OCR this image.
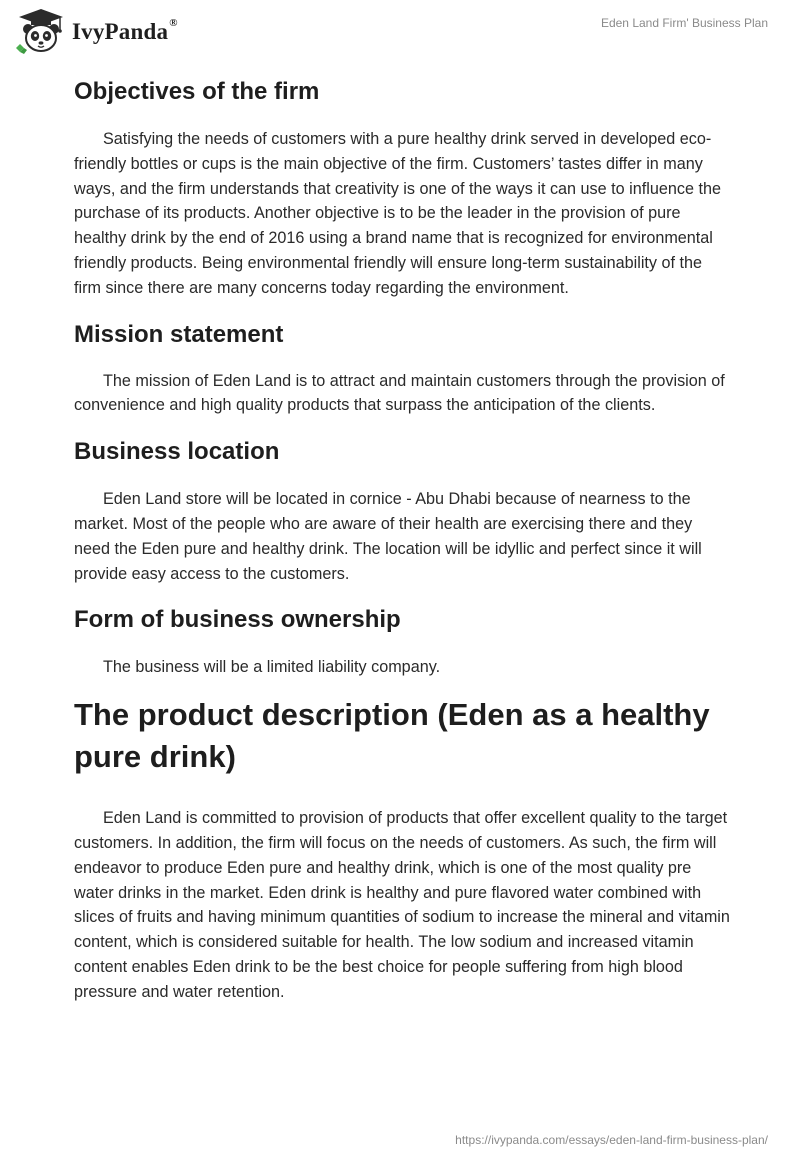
IvyPanda®	Eden Land Firm' Business Plan
Objectives of the firm

Satisfying the needs of customers with a pure healthy drink served in developed eco-friendly bottles or cups is the main objective of the firm. Customers’ tastes differ in many ways, and the firm understands that creativity is one of the ways it can use to influence the purchase of its products. Another objective is to be the leader in the provision of pure healthy drink by the end of 2016 using a brand name that is recognized for environmental friendly products. Being environmental friendly will ensure long-term sustainability of the firm since there are many concerns today regarding the environment.

Mission statement

The mission of Eden Land is to attract and maintain customers through the provision of convenience and high quality products that surpass the anticipation of the clients.

Business location

Eden Land store will be located in cornice - Abu Dhabi because of nearness to the market. Most of the people who are aware of their health are exercising there and they need the Eden pure and healthy drink. The location will be idyllic and perfect since it will provide easy access to the customers.

Form of business ownership

The business will be a limited liability company.

The product description (Eden as a healthy pure drink)

Eden Land is committed to provision of products that offer excellent quality to the target customers. In addition, the firm will focus on the needs of customers. As such, the firm will endeavor to produce Eden pure and healthy drink, which is one of the most quality pre water drinks in the market. Eden drink is healthy and pure flavored water combined with slices of fruits and having minimum quantities of sodium to increase the mineral and vitamin content, which is considered suitable for health. The low sodium and increased vitamin content enables Eden drink to be the best choice for people suffering from high blood pressure and water retention.

https://ivypanda.com/essays/eden-land-firm-business-plan/
